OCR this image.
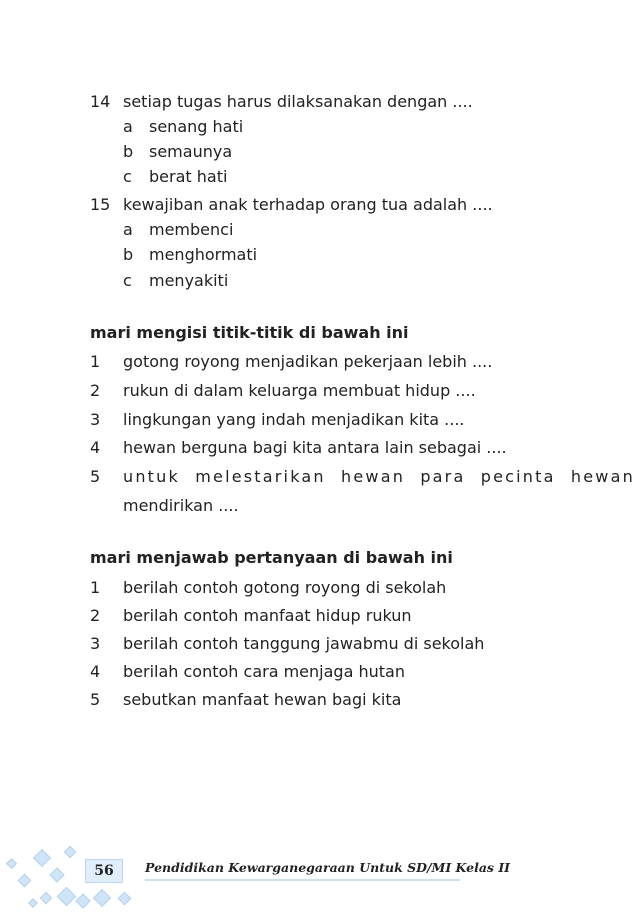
14 setiap tugas harus dilaksanakan dengan ....
a senang hati
b semaunya
c berat hati
15 kewajiban anak terhadap orang tua adalah ....
a membenci
b menghormati
c menyakiti
mari mengisi titik-titik di bawah ini
1 gotong royong menjadikan pekerjaan lebih ....
2 rukun di dalam keluarga membuat hidup ....
3 lingkungan yang indah menjadikan kita ....
4 hewan berguna bagi kita antara lain sebagai ....
5 untuk melestarikan hewan para pecinta hewan
mendirikan ....
mari menjawab pertanyaan di bawah ini
1 berilah contoh gotong royong di sekolah
2 berilah contoh manfaat hidup rukun
3 berilah contoh tanggung jawabmu di sekolah
4 berilah contoh cara menjaga hutan
5 sebutkan manfaat hewan bagi kita
56	Pendidikan Kewarganegaraan Untuk SD/MI Kelas II
